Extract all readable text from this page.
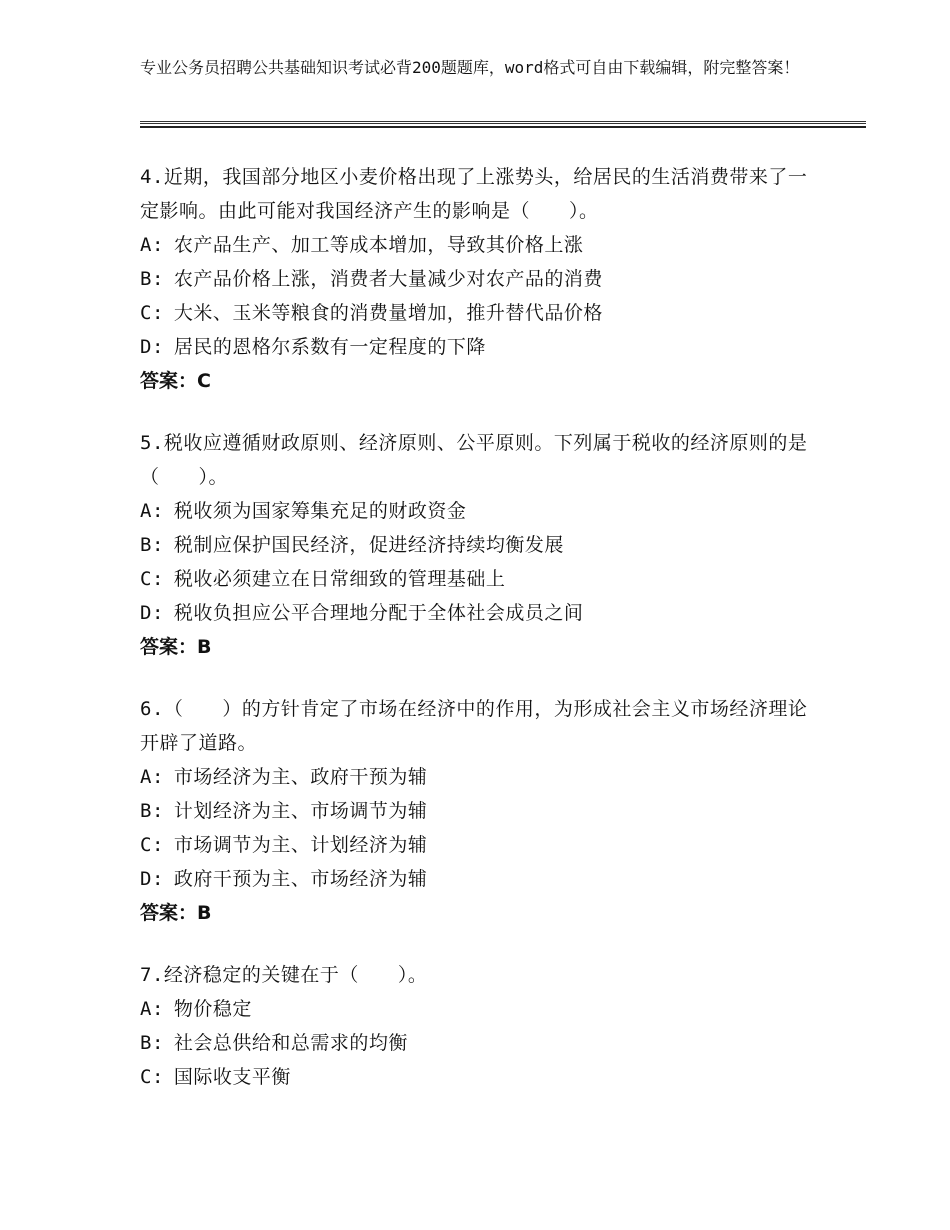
专业公务员招聘公共基础知识考试必背200题题库，word格式可自由下载编辑，附完整答案！
4.近期，我国部分地区小麦价格出现了上涨势头，给居民的生活消费带来了一定影响。由此可能对我国经济产生的影响是（　　）。
A: 农产品生产、加工等成本增加，导致其价格上涨
B: 农产品价格上涨，消费者大量减少对农产品的消费
C: 大米、玉米等粮食的消费量增加，推升替代品价格
D: 居民的恩格尔系数有一定程度的下降
答案：C
5.税收应遵循财政原则、经济原则、公平原则。下列属于税收的经济原则的是（　　）。
A: 税收须为国家筹集充足的财政资金
B: 税制应保护国民经济，促进经济持续均衡发展
C: 税收必须建立在日常细致的管理基础上
D: 税收负担应公平合理地分配于全体社会成员之间
答案：B
6.（　　）的方针肯定了市场在经济中的作用，为形成社会主义市场经济理论开辟了道路。
A: 市场经济为主、政府干预为辅
B: 计划经济为主、市场调节为辅
C: 市场调节为主、计划经济为辅
D: 政府干预为主、市场经济为辅
答案：B
7.经济稳定的关键在于（　　）。
A: 物价稳定
B: 社会总供给和总需求的均衡
C: 国际收支平衡
